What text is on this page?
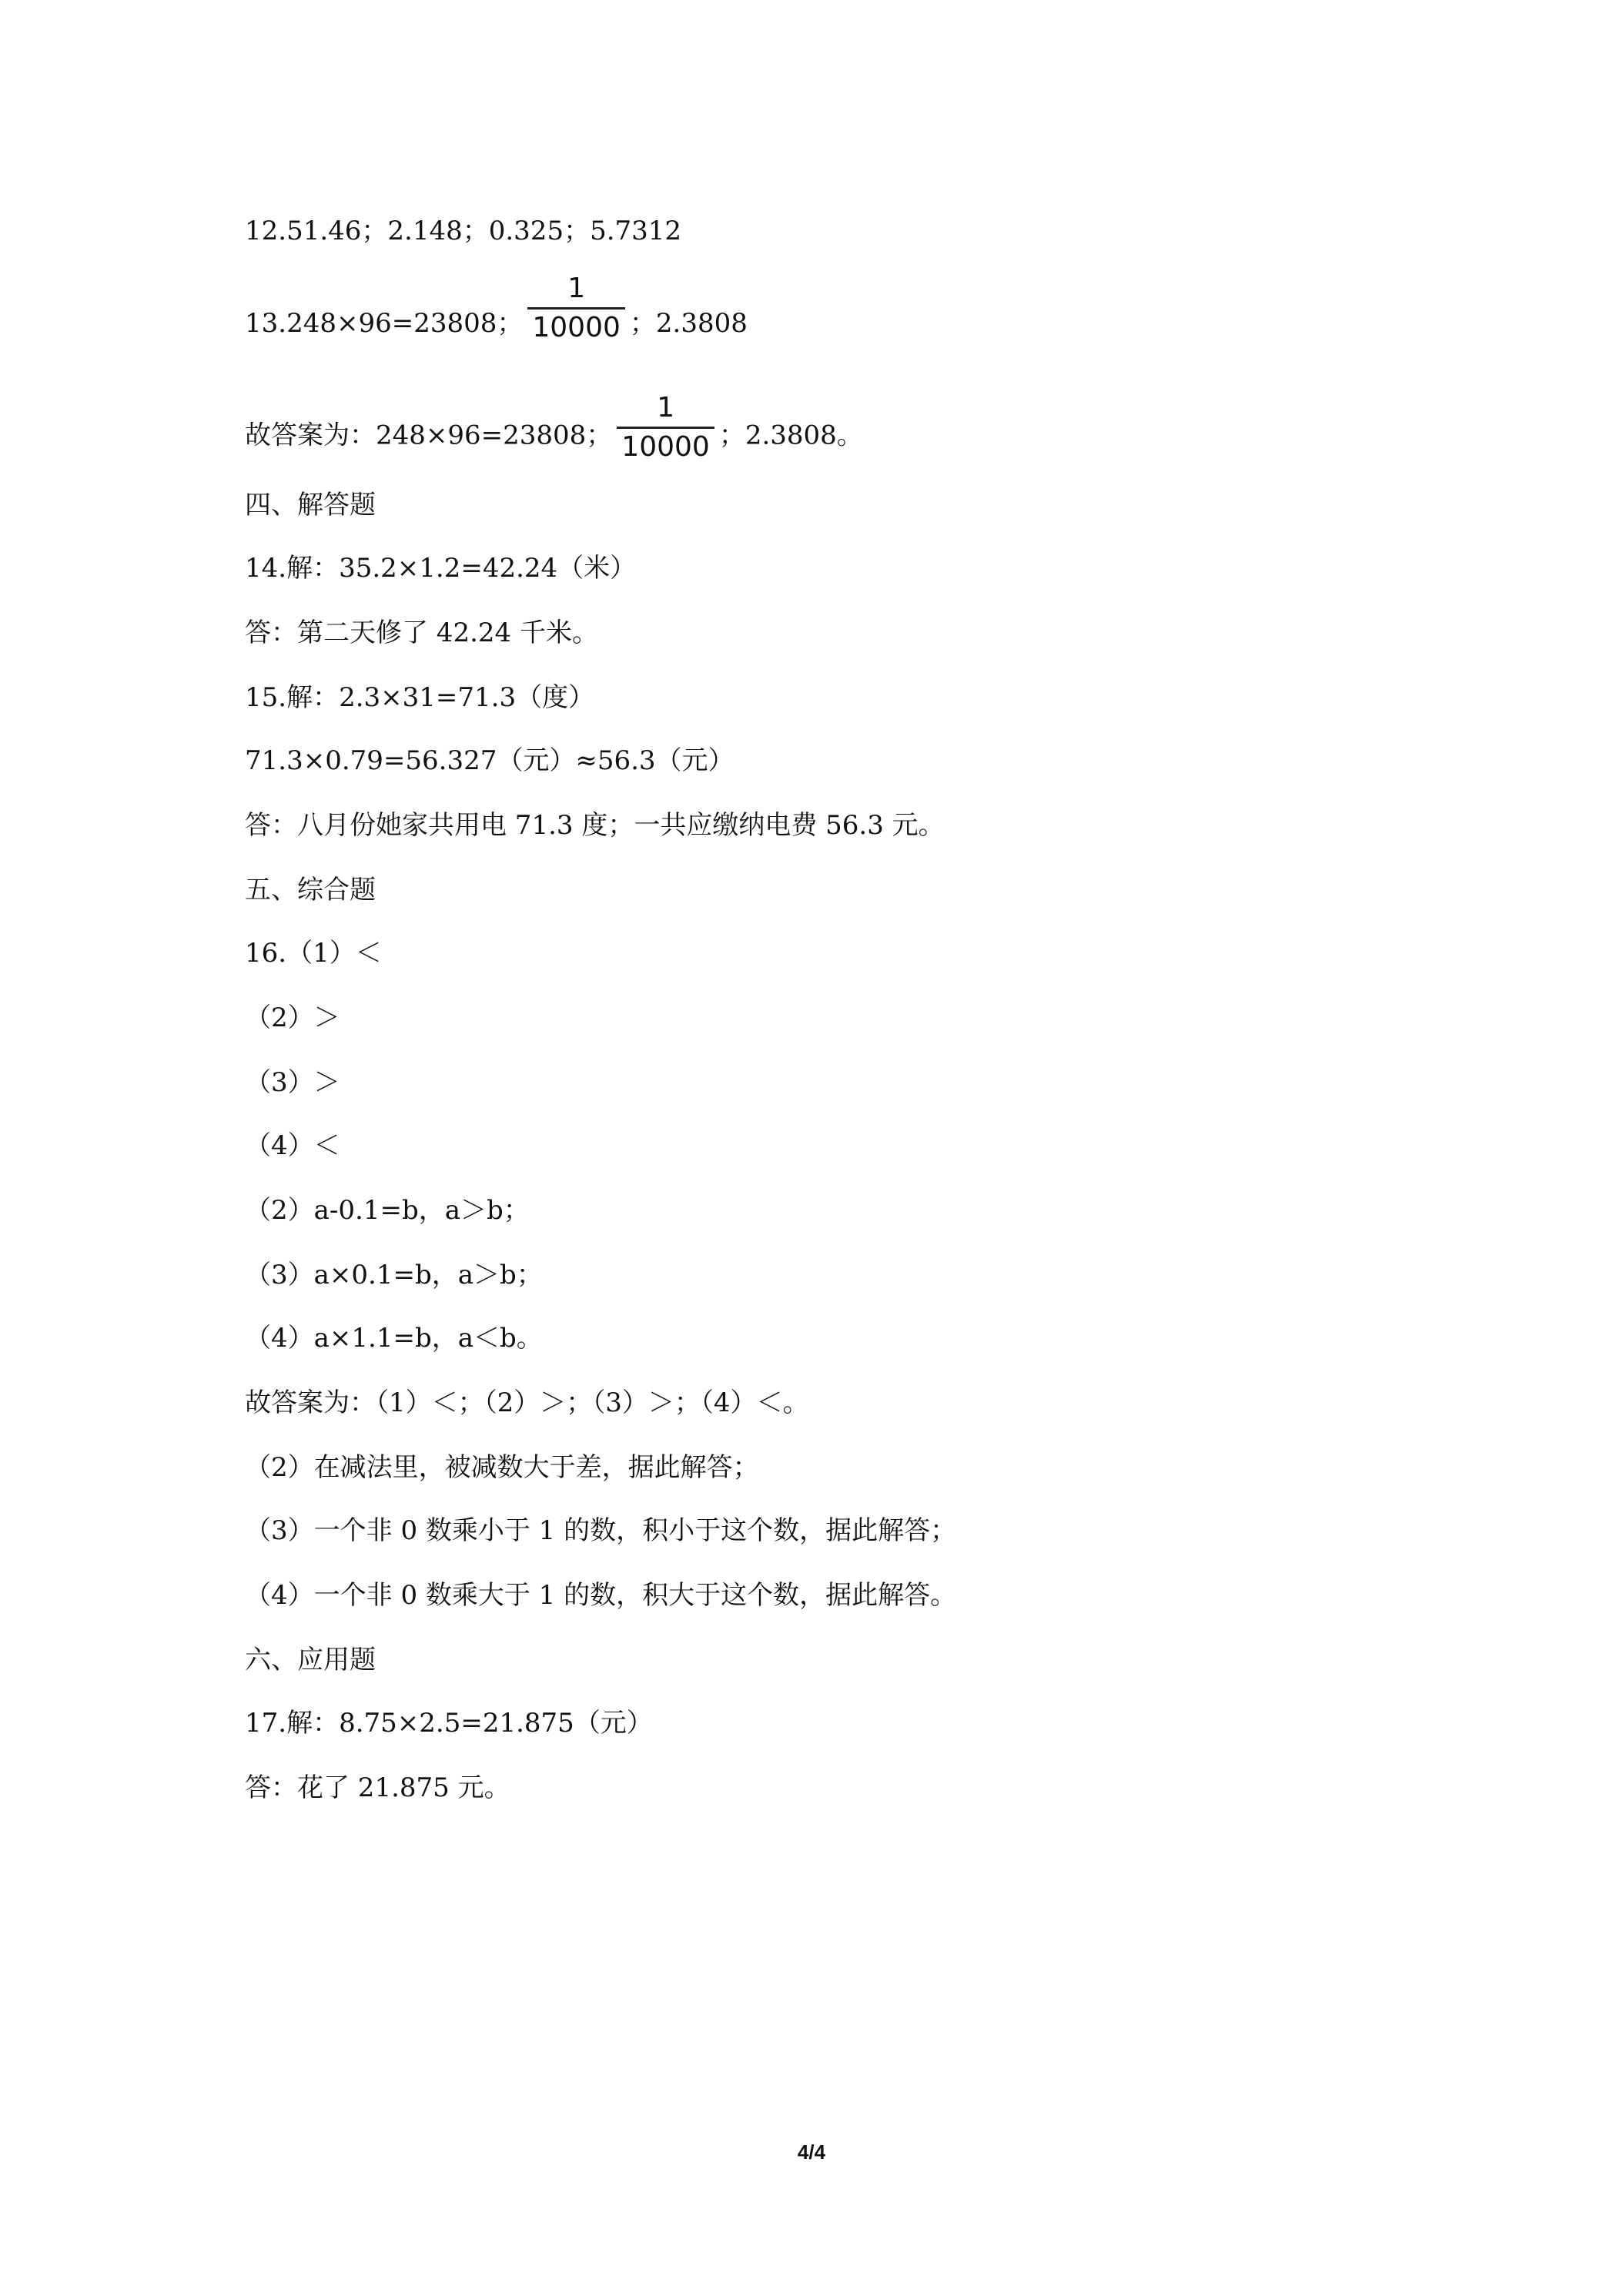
12.51.46；2.148；0.325；5.7312
13.248×96=23808； $\frac{1}{10000}$ ；2.3808
故答案为：248×96=23808； $\frac{1}{10000}$ ；2.3808。
四、解答题
14.解：35.2×1.2=42.24（米）
答：第二天修了 42.24 千米。
15.解：2.3×31=71.3（度）
71.3×0.79=56.327（元）≈56.3（元）
答：八月份她家共用电 71.3 度；一共应缴纳电费 56.3 元。
五、综合题
16.（1）＜
（2）＞
（3）＞
（4）＜
（2）a-0.1=b，a＞b；
（3）a×0.1=b，a＞b；
（4）a×1.1=b，a＜b。
故答案为：（1）＜；（2）＞；（3）＞；（4）＜。
（2）在减法里，被减数大于差，据此解答；
（3）一个非 0 数乘小于 1 的数，积小于这个数，据此解答；
（4）一个非 0 数乘大于 1 的数，积大于这个数，据此解答。
六、应用题
17.解：8.75×2.5=21.875（元）
答：花了 21.875 元。
4/4
